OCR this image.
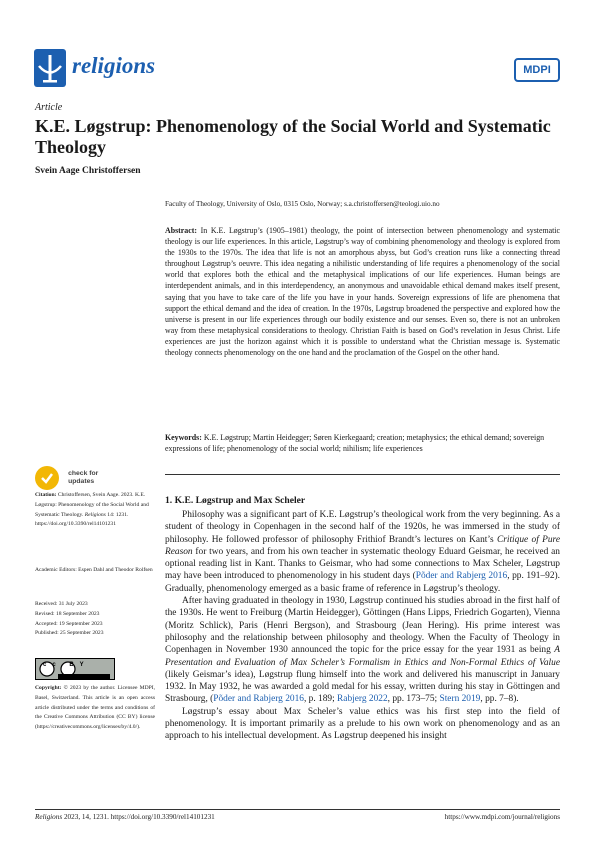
religions	MDPI
Article
K.E. Løgstrup: Phenomenology of the Social World and Systematic Theology
Svein Aage Christoffersen
Faculty of Theology, University of Oslo, 0315 Oslo, Norway; s.a.christoffersen@teologi.uio.no
Abstract: In K.E. Løgstrup’s (1905–1981) theology, the point of intersection between phenomenology and systematic theology is our life experiences. In this article, Løgstrup’s way of combining phenomenology and theology is explored from the 1930s to the 1970s. The idea that life is not an amorphous abyss, but God’s creation runs like a connecting thread throughout Løgstrup’s oeuvre. This idea negating a nihilistic understanding of life requires a phenomenology of the social world that explores both the ethical and the metaphysical implications of our life experiences. Human beings are interdependent animals, and in this interdependency, an anonymous and unavoidable ethical demand makes itself present, saying that you have to take care of the life you have in your hands. Sovereign expressions of life are phenomena that support the ethical demand and the idea of creation. In the 1970s, Løgstrup broadened the perspective and explored how the universe is present in our life experiences through our bodily existence and our senses. Even so, there is not an unbroken way from these metaphysical considerations to theology. Christian Faith is based on God’s revelation in Jesus Christ. Life experiences are just the horizon against which it is possible to understand what the Christian message is. Systematic theology connects phenomenology on the one hand and the proclamation of the Gospel on the other hand.
Keywords: K.E. Løgstrup; Martin Heidegger; Søren Kierkegaard; creation; metaphysics; the ethical demand; sovereign expressions of life; phenomenology of the social world; nihilism; life experiences
check for
updates
Citation: Christoffersen, Svein Aage. 2023. K.E. Løgstrup: Phenomenology of the Social World and Systematic Theology. Religions 14: 1231. https://doi.org/10.3390/rel14101231
Academic Editors: Espen Dahl and Theodor Rolfsen
Received: 31 July 2023
Revised: 18 September 2023
Accepted: 19 September 2023
Published: 25 September 2023
cc BY
Copyright: © 2023 by the author. Licensee MDPI, Basel, Switzerland. This article is an open access article distributed under the terms and conditions of the Creative Commons Attribution (CC BY) license (https://creativecommons.org/licenses/by/4.0/).
1. K.E. Løgstrup and Max Scheler

Philosophy was a significant part of K.E. Løgstrup’s theological work from the very beginning. As a student of theology in Copenhagen in the second half of the 1920s, he was immersed in the study of philosophy. He followed professor of philosophy Frithiof Brandt’s lectures on Kant’s Critique of Pure Reason for two years, and from his own teacher in systematic theology Eduard Geismar, he received an optional reading list in Kant. Thanks to Geismar, who had some connections to Max Scheler, Løgstrup may have been introduced to phenomenology in his student days (Põder and Rabjerg 2016, pp. 191–92). Gradually, phenomenology emerged as a basic frame of reference in Løgstrup’s theology.

After having graduated in theology in 1930, Løgstrup continued his studies abroad in the first half of the 1930s. He went to Freiburg (Martin Heidegger), Göttingen (Hans Lipps, Friedrich Gogarten), Vienna (Moritz Schlick), Paris (Henri Bergson), and Strasbourg (Jean Hering). His prime interest was philosophy and the relationship between philosophy and theology. When the Faculty of Theology in Copenhagen in November 1930 announced the topic for the price essay for the year 1931 as being A Presentation and Evaluation of Max Scheler’s Formalism in Ethics and Non-Formal Ethics of Value (likely Geismar’s idea), Løgstrup flung himself into the work and delivered his manuscript in January 1932. In May 1932, he was awarded a gold medal for his essay, written during his stay in Göttingen and Strasbourg, (Põder and Rabjerg 2016, p. 189; Rabjerg 2022, pp. 173–75; Stern 2019, pp. 7–8).

Løgstrup’s essay about Max Scheler’s value ethics was his first step into the field of phenomenology. It is important primarily as a prelude to his own work on phenomenology and as an approach to his intellectual development. As Løgstrup deepened his insight

Religions 2023, 14, 1231. https://doi.org/10.3390/rel14101231	https://www.mdpi.com/journal/religions
